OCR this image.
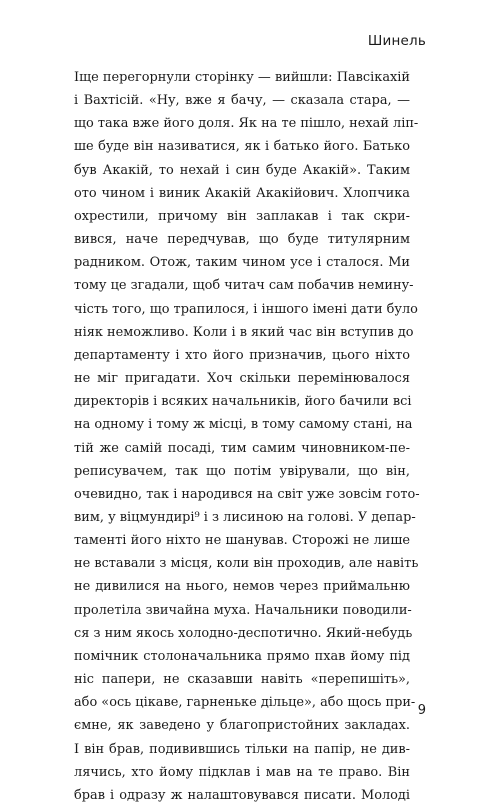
Шинель
Іще перегорнули сторінку — вийшли: Павсікахій
і Вахтісій. «Ну, вже я бачу, — сказала стара, —
що така вже його доля. Як на те пішло, нехай ліп-
ше буде він називатися, як і батько його. Батько
був Акакій, то нехай і син буде Акакій». Таким
ото чином і виник Акакій Акакійович. Хлопчика
охрестили, причому він заплакав і так скри-
вився, наче передчував, що буде титулярним
радником. Отож, таким чином усе і сталося. Ми
тому це згадали, щоб читач сам побачив немину-
чість того, що трапилося, і іншого імені дати було
ніяк неможливо. Коли і в який час він вступив до
департаменту і хто його призначив, цього ніхто
не міг пригадати. Хоч скільки перемінювалося
директорів і всяких начальників, його бачили всі
на одному і тому ж місці, в тому самому стані, на
тій же самій посаді, тим самим чиновником-пе-
реписувачем, так що потім увірували, що він,
очевидно, так і народився на світ уже зовсім гото-
вим, у віцмундирі⁹ і з лисиною на голові. У депар-
таменті його ніхто не шанував. Сторожі не лише
не вставали з місця, коли він проходив, але навіть
не дивилися на нього, немов через приймальню
пролетіла звичайна муха. Начальники поводили-
ся з ним якось холодно-деспотично. Який-небудь
помічник столоначальника прямо пхав йому під
ніс папери, не сказавши навіть «перепишіть»,
або «ось цікаве, гарненьке дільце», або щось при-
ємне, як заведено у благопристойних закладах.
І він брав, подивившись тільки на папір, не див-
лячись, хто йому підклав і мав на те право. Він
брав і одразу ж налаштовувався писати. Молоді
9
